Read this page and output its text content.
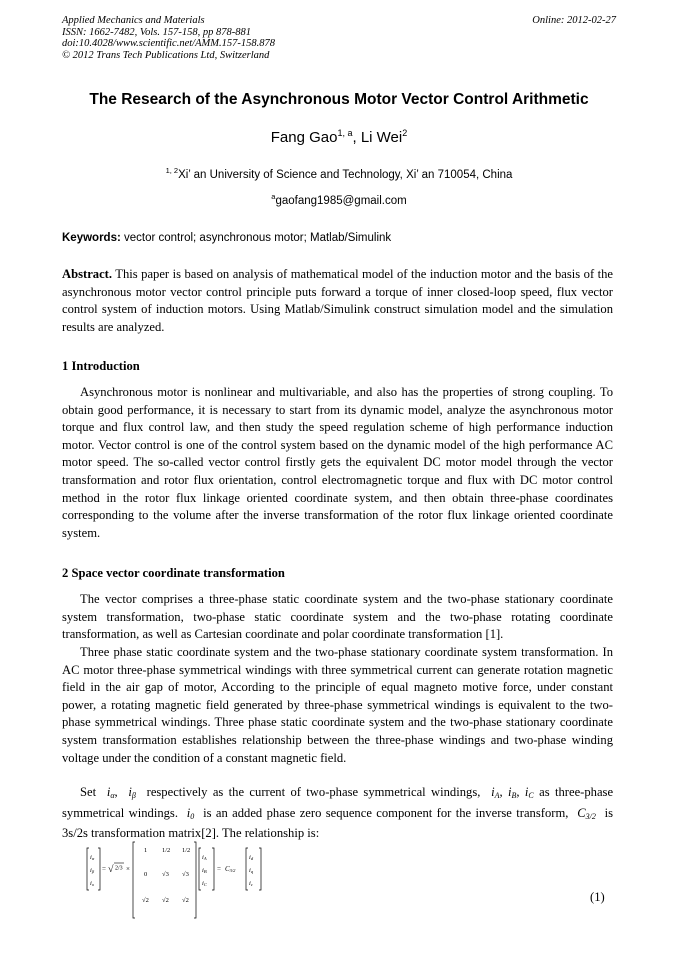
Applied Mechanics and Materials
ISSN: 1662-7482, Vols. 157-158, pp 878-881
doi:10.4028/www.scientific.net/AMM.157-158.878
© 2012 Trans Tech Publications Ltd, Switzerland
Online: 2012-02-27
The Research of the Asynchronous Motor Vector Control Arithmetic
Fang Gao$^{1, a}$, Li Wei$^2$
$^{1,}$ $^2$Xi’ an University of Science and Technology, Xi’ an 710054, China
$^a$gaofang1985@gmail.com
Keywords: vector control; asynchronous motor; Matlab/Simulink

Abstract. This paper is based on analysis of mathematical model of the induction motor and the basis of the asynchronous motor vector control principle puts forward a torque of inner closed-loop speed, flux vector control system of induction motors. Using Matlab/Simulink construct simulation model and the simulation results are analyzed.

1 Introduction

Asynchronous motor is nonlinear and multivariable, and also has the properties of strong coupling. To obtain good performance, it is necessary to start from its dynamic model, analyze the asynchronous motor torque and flux control law, and then study the speed regulation scheme of high performance induction motor. Vector control is one of the control system based on the dynamic model of the high performance AC motor speed. The so-called vector control firstly gets the equivalent DC motor model through the vector transformation and rotor flux orientation, control electromagnetic torque and flux with DC motor control method in the rotor flux linkage oriented coordinate system, and then obtain three-phase coordinates corresponding to the volume after the inverse transformation of the rotor flux linkage oriented coordinate system.

2 Space vector coordinate transformation

The vector comprises a three-phase static coordinate system and the two-phase stationary coordinate system transformation, two-phase static coordinate system and the two-phase rotating coordinate transformation, as well as Cartesian coordinate and polar coordinate transformation [1].

Three phase static coordinate system and the two-phase stationary coordinate system transformation. In AC motor three-phase symmetrical windings with three symmetrical current can generate rotation magnetic field in the air gap of motor, According to the principle of equal magneto motive force, under constant power, a rotating magnetic field generated by three-phase symmetrical windings is equivalent to the two-phase symmetrical windings. Three phase static coordinate system and the two-phase stationary coordinate system transformation establishes relationship between the three-phase windings and two-phase winding voltage under the condition of a constant magnetic field.

Set $i_\alpha$,  $i_\beta$ respectively as the current of two-phase symmetrical windings, $i_A$, $i_B$, $i_C$ as three-phase symmetrical windings. $i_0$ is an added phase zero sequence component for the inverse transform, $C_{3/2}$ is 3s/2s transformation matrix[2]. The relationship is:

iα
iβ
io
= √ 2/3 ×
1 1/2 1/2
0 √3 √3
√2 √2 √2
iA
iB
iC
= C3/2
id
iq
ic
(1)
